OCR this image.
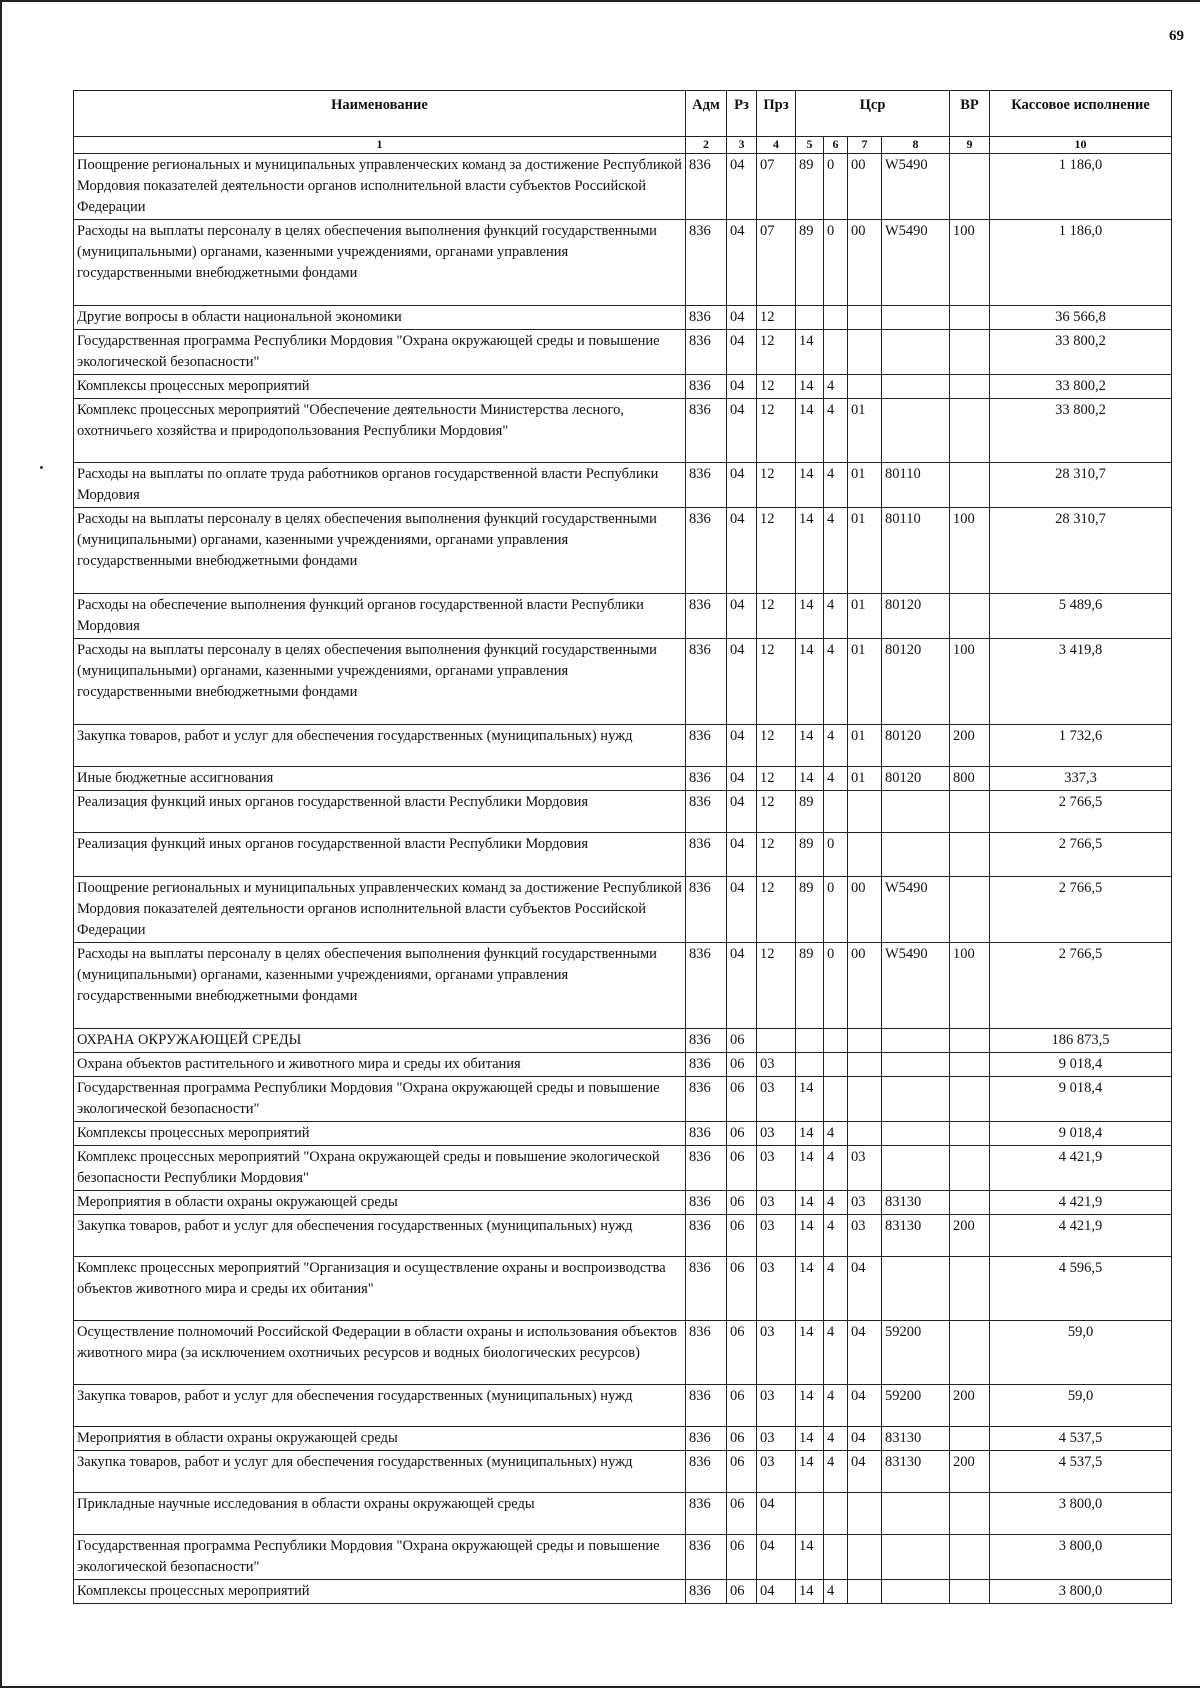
69
Наименование	Адм	Рз	Прз	Цср				ВР	Кассовое исполнение
1	2	3	4	5	6	7	8	9	10
Поощрение региональных и муниципальных управленческих команд за достижение Республикой Мордовия показателей деятельности органов исполнительной власти субъектов Российской Федерации	836	04	07	89	0	00	W5490		1 186,0
Расходы на выплаты персоналу в целях обеспечения выполнения функций государственными (муниципальными) органами, казенными учреждениями, органами управления государственными внебюджетными фондами	836	04	07	89	0	00	W5490	100	1 186,0
Другие вопросы в области национальной экономики	836	04	12						36 566,8
Государственная программа Республики Мордовия "Охрана окружающей среды и повышение экологической безопасности"	836	04	12	14					33 800,2
Комплексы процессных мероприятий	836	04	12	14	4				33 800,2
Комплекс процессных мероприятий "Обеспечение деятельности Министерства лесного, охотничьего хозяйства и природопользования Республики Мордовия"	836	04	12	14	4	01			33 800,2
Расходы на выплаты по оплате труда работников органов государственной власти Республики Мордовия	836	04	12	14	4	01	80110		28 310,7
Расходы на выплаты персоналу в целях обеспечения выполнения функций государственными (муниципальными) органами, казенными учреждениями, органами управления государственными внебюджетными фондами	836	04	12	14	4	01	80110	100	28 310,7
Расходы на обеспечение выполнения функций органов государственной власти Республики Мордовия	836	04	12	14	4	01	80120		5 489,6
Расходы на выплаты персоналу в целях обеспечения выполнения функций государственными (муниципальными) органами, казенными учреждениями, органами управления государственными внебюджетными фондами	836	04	12	14	4	01	80120	100	3 419,8
Закупка товаров, работ и услуг для обеспечения государственных (муниципальных) нужд	836	04	12	14	4	01	80120	200	1 732,6
Иные бюджетные ассигнования	836	04	12	14	4	01	80120	800	337,3
Реализация функций иных органов государственной власти Республики Мордовия	836	04	12	89					2 766,5
Реализация функций иных органов государственной власти Республики Мордовия	836	04	12	89	0				2 766,5
Поощрение региональных и муниципальных управленческих команд за достижение Республикой Мордовия показателей деятельности органов исполнительной власти субъектов Российской Федерации	836	04	12	89	0	00	W5490		2 766,5
Расходы на выплаты персоналу в целях обеспечения выполнения функций государственными (муниципальными) органами, казенными учреждениями, органами управления государственными внебюджетными фондами	836	04	12	89	0	00	W5490	100	2 766,5
ОХРАНА ОКРУЖАЮЩЕЙ СРЕДЫ	836	06							186 873,5
Охрана объектов растительного и животного мира и среды их обитания	836	06	03						9 018,4
Государственная программа Республики Мордовия "Охрана окружающей среды и повышение экологической безопасности"	836	06	03	14					9 018,4
Комплексы процессных мероприятий	836	06	03	14	4				9 018,4
Комплекс процессных мероприятий "Охрана окружающей среды и повышение экологической безопасности Республики Мордовия"	836	06	03	14	4	03			4 421,9
Мероприятия в области охраны окружающей среды	836	06	03	14	4	03	83130		4 421,9
Закупка товаров, работ и услуг для обеспечения государственных (муниципальных) нужд	836	06	03	14	4	03	83130	200	4 421,9
Комплекс процессных мероприятий "Организация и осуществление охраны и воспроизводства объектов животного мира и среды их обитания"	836	06	03	14	4	04			4 596,5
Осуществление полномочий Российской Федерации в области охраны и использования объектов животного мира (за исключением охотничьих ресурсов и водных биологических ресурсов)	836	06	03	14	4	04	59200		59,0
Закупка товаров, работ и услуг для обеспечения государственных (муниципальных) нужд	836	06	03	14	4	04	59200	200	59,0
Мероприятия в области охраны окружающей среды	836	06	03	14	4	04	83130		4 537,5
Закупка товаров, работ и услуг для обеспечения государственных (муниципальных) нужд	836	06	03	14	4	04	83130	200	4 537,5
Прикладные научные исследования в области охраны окружающей среды	836	06	04						3 800,0
Государственная программа Республики Мордовия "Охрана окружающей среды и повышение экологической безопасности"	836	06	04	14					3 800,0
Комплексы процессных мероприятий	836	06	04	14	4				3 800,0
